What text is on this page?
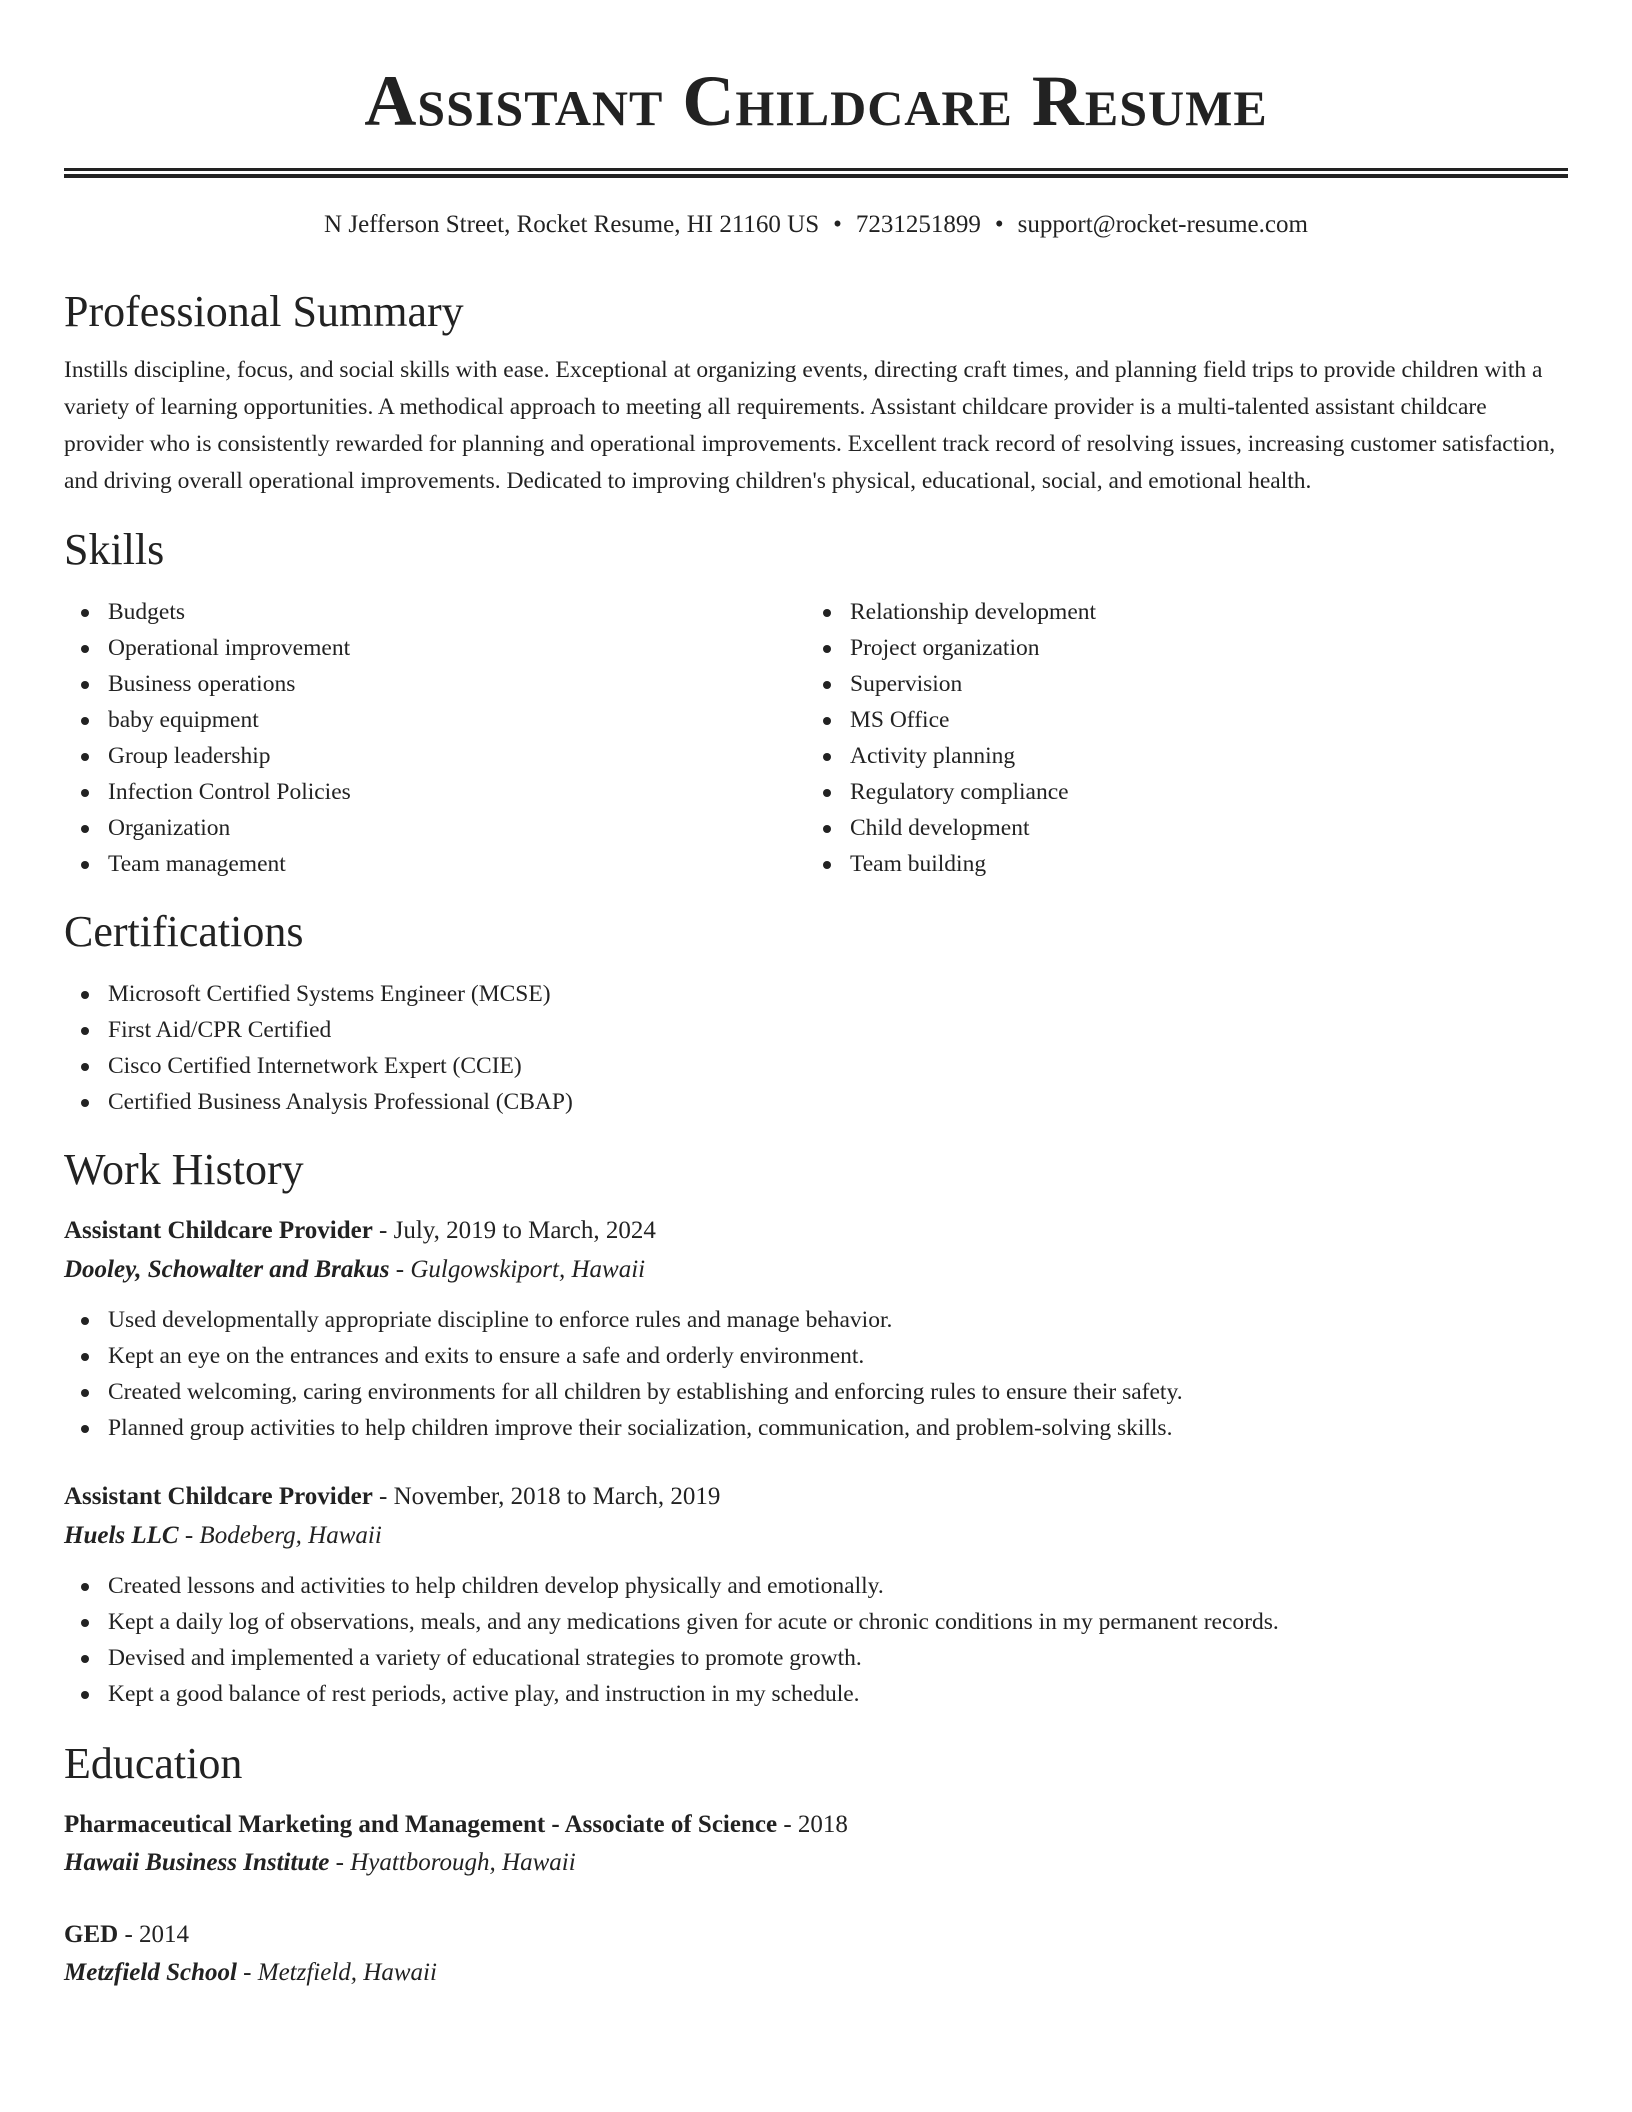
Assistant Childcare Resume
N Jefferson Street, Rocket Resume, HI 21160 US • 7231251899 • support@rocket-resume.com
Professional Summary

Instills discipline, focus, and social skills with ease. Exceptional at organizing events, directing craft times, and planning field trips to provide children with a variety of learning opportunities. A methodical approach to meeting all requirements. Assistant childcare provider is a multi-talented assistant childcare provider who is consistently rewarded for planning and operational improvements. Excellent track record of resolving issues, increasing customer satisfaction, and driving overall operational improvements. Dedicated to improving children's physical, educational, social, and emotional health.

Skills
Budgets
Operational improvement
Business operations
baby equipment
Group leadership
Infection Control Policies
Organization
Team management
Relationship development
Project organization
Supervision
MS Office
Activity planning
Regulatory compliance
Child development
Team building
Certifications
Microsoft Certified Systems Engineer (MCSE)
First Aid/CPR Certified
Cisco Certified Internetwork Expert (CCIE)
Certified Business Analysis Professional (CBAP)
Work History
Assistant Childcare Provider - July, 2019 to March, 2024
Dooley, Schowalter and Brakus - Gulgowskiport, Hawaii
Used developmentally appropriate discipline to enforce rules and manage behavior.
Kept an eye on the entrances and exits to ensure a safe and orderly environment.
Created welcoming, caring environments for all children by establishing and enforcing rules to ensure their safety.
Planned group activities to help children improve their socialization, communication, and problem-solving skills.
Assistant Childcare Provider - November, 2018 to March, 2019
Huels LLC - Bodeberg, Hawaii
Created lessons and activities to help children develop physically and emotionally.
Kept a daily log of observations, meals, and any medications given for acute or chronic conditions in my permanent records.
Devised and implemented a variety of educational strategies to promote growth.
Kept a good balance of rest periods, active play, and instruction in my schedule.
Education
Pharmaceutical Marketing and Management - Associate of Science - 2018
Hawaii Business Institute - Hyattborough, Hawaii
GED - 2014
Metzfield School - Metzfield, Hawaii
